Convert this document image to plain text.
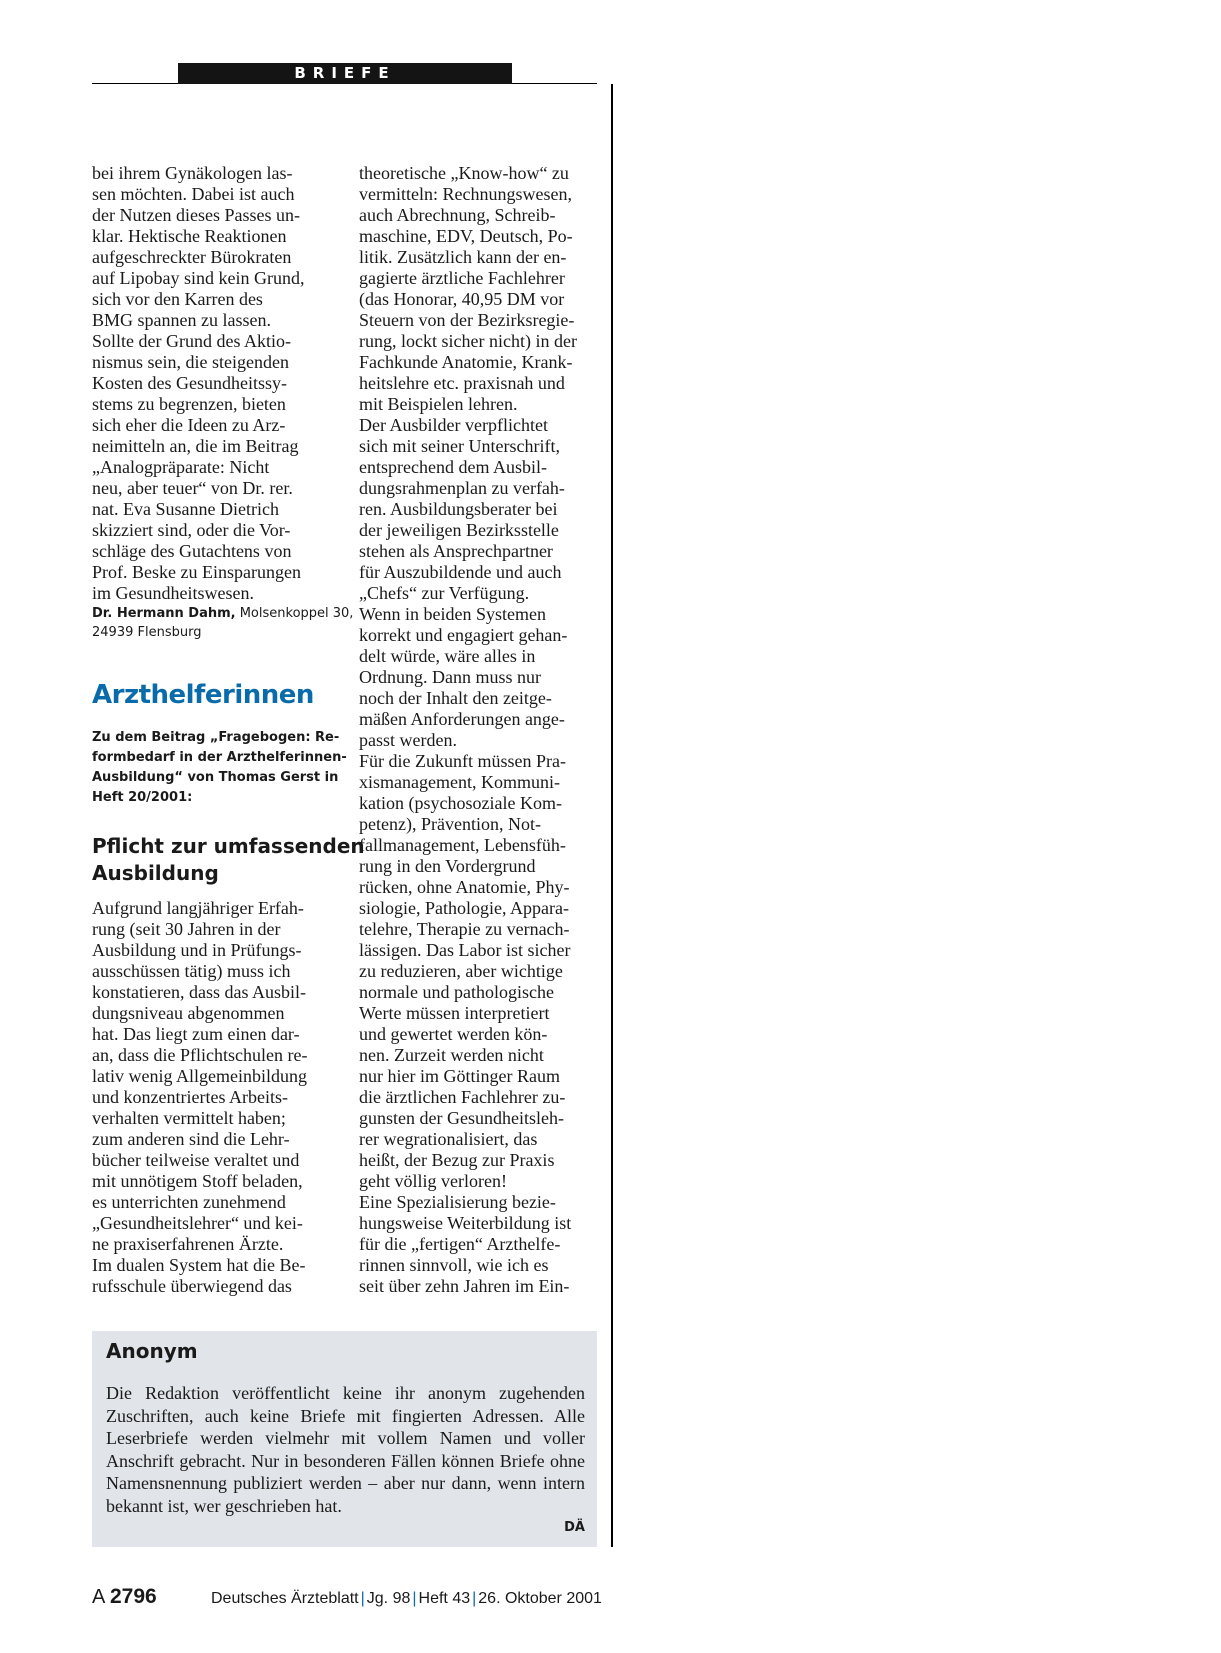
BRIEFE
bei ihrem Gynäkologen las-
sen möchten. Dabei ist auch
der Nutzen dieses Passes un-
klar. Hektische Reaktionen
aufgeschreckter Bürokraten
auf Lipobay sind kein Grund,
sich vor den Karren des
BMG spannen zu lassen.
Sollte der Grund des Aktio-
nismus sein, die steigenden
Kosten des Gesundheitssy-
stems zu begrenzen, bieten
sich eher die Ideen zu Arz-
neimitteln an, die im Beitrag
„Analogpräparate: Nicht
neu, aber teuer“ von Dr. rer.
nat. Eva Susanne Dietrich
skizziert sind, oder die Vor-
schläge des Gutachtens von
Prof. Beske zu Einsparungen
im Gesundheitswesen.
Dr. Hermann Dahm, Molsenkoppel 30,
24939 Flensburg
Arzthelferinnen
Zu dem Beitrag „Fragebogen: Re-
formbedarf in der Arzthelferinnen-
Ausbildung“ von Thomas Gerst in
Heft 20/2001:
Pflicht zur umfassenden
Ausbildung
Aufgrund langjähriger Erfah-
rung (seit 30 Jahren in der
Ausbildung und in Prüfungs-
ausschüssen tätig) muss ich
konstatieren, dass das Ausbil-
dungsniveau abgenommen
hat. Das liegt zum einen dar-
an, dass die Pflichtschulen re-
lativ wenig Allgemeinbildung
und konzentriertes Arbeits-
verhalten vermittelt haben;
zum anderen sind die Lehr-
bücher teilweise veraltet und
mit unnötigem Stoff beladen,
es unterrichten zunehmend
„Gesundheitslehrer“ und kei-
ne praxiserfahrenen Ärzte.
Im dualen System hat die Be-
rufsschule überwiegend das
theoretische „Know-how“ zu
vermitteln: Rechnungswesen,
auch Abrechnung, Schreib-
maschine, EDV, Deutsch, Po-
litik. Zusätzlich kann der en-
gagierte ärztliche Fachlehrer
(das Honorar, 40,95 DM vor
Steuern von der Bezirksregie-
rung, lockt sicher nicht) in der
Fachkunde Anatomie, Krank-
heitslehre etc. praxisnah und
mit Beispielen lehren.
Der Ausbilder verpflichtet
sich mit seiner Unterschrift,
entsprechend dem Ausbil-
dungsrahmenplan zu verfah-
ren. Ausbildungsberater bei
der jeweiligen Bezirksstelle
stehen als Ansprechpartner
für Auszubildende und auch
„Chefs“ zur Verfügung.
Wenn in beiden Systemen
korrekt und engagiert gehan-
delt würde, wäre alles in
Ordnung. Dann muss nur
noch der Inhalt den zeitge-
mäßen Anforderungen ange-
passt werden.
Für die Zukunft müssen Pra-
xismanagement, Kommuni-
kation (psychosoziale Kom-
petenz), Prävention, Not-
fallmanagement, Lebensfüh-
rung in den Vordergrund
rücken, ohne Anatomie, Phy-
siologie, Pathologie, Appara-
telehre, Therapie zu vernach-
lässigen. Das Labor ist sicher
zu reduzieren, aber wichtige
normale und pathologische
Werte müssen interpretiert
und gewertet werden kön-
nen. Zurzeit werden nicht
nur hier im Göttinger Raum
die ärztlichen Fachlehrer zu-
gunsten der Gesundheitsleh-
rer wegrationalisiert, das
heißt, der Bezug zur Praxis
geht völlig verloren!
Eine Spezialisierung bezie-
hungsweise Weiterbildung ist
für die „fertigen“ Arzthelfe-
rinnen sinnvoll, wie ich es
seit über zehn Jahren im Ein-
Anonym
Die Redaktion veröffentlicht keine ihr anonym zugehenden Zuschriften, auch keine Briefe mit fingierten Adressen. Alle Leserbriefe werden vielmehr mit vollem Namen und voller Anschrift gebracht. Nur in besonderen Fällen können Briefe ohne Namensnennung publiziert werden – aber nur dann, wenn intern bekannt ist, wer geschrieben hat.
DÄ
A 2796	Deutsches Ärzteblatt | Jg. 98 | Heft 43 | 26. Oktober 2001
